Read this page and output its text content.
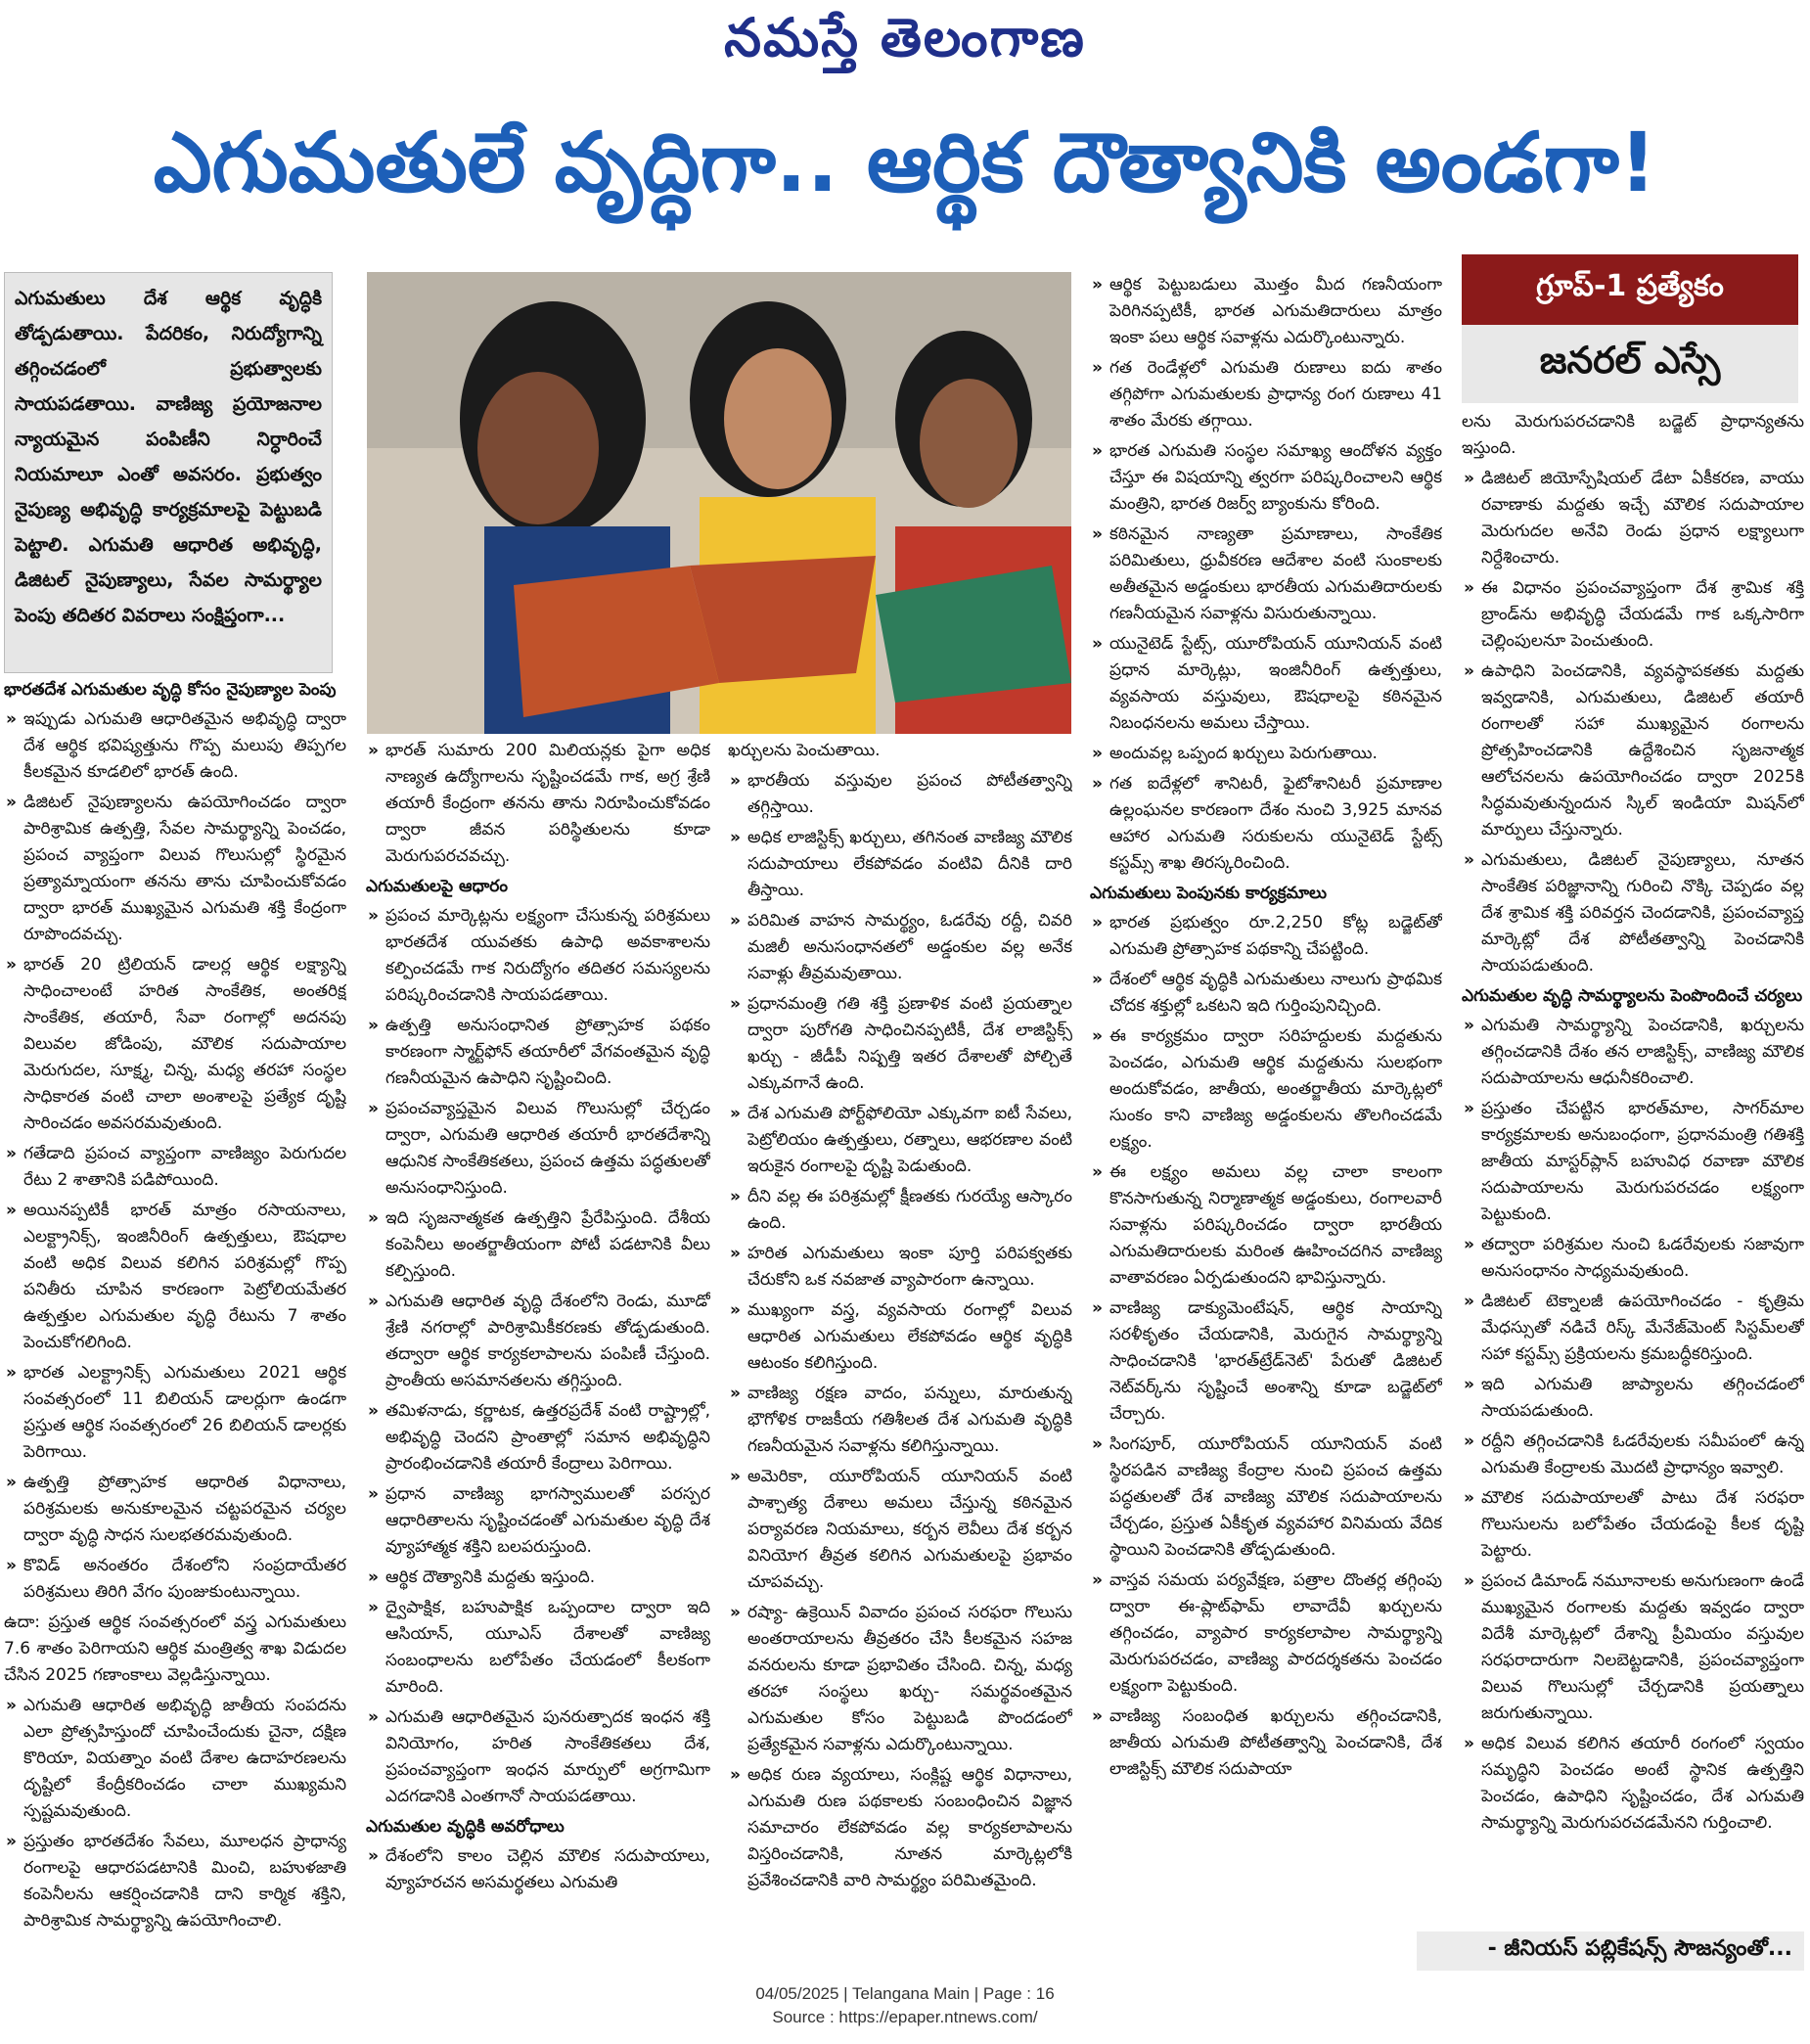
నమస్తే తెలంగాణ
ఎగుమతులే వృద్ధిగా.. ఆర్థిక దౌత్యానికి అండగా!
ఎగుమతులు దేశ ఆర్థిక వృద్ధికి తోడ్పడుతాయి. పేదరికం, నిరుద్యోగాన్ని తగ్గించడంలో ప్రభుత్వాలకు సాయపడతాయి. వాణిజ్య ప్రయోజనాల న్యాయమైన పంపిణీని నిర్ధారించే నియమాలూ ఎంతో అవసరం. ప్రభుత్వం నైపుణ్య అభివృద్ధి కార్యక్రమాలపై పెట్టుబడి పెట్టాలి. ఎగుమతి ఆధారిత అభివృద్ధి, డిజిటల్ నైపుణ్యాలు, సేవల సామర్థ్యాల పెంపు తదితర వివరాలు సంక్షిప్తంగా...
గ్రూప్-1 ప్రత్యేకం
జనరల్ ఎస్సే
భారతదేశ ఎగుమతుల వృద్ధి కోసం నైపుణ్యాల పెంపు

» ఇప్పుడు ఎగుమతి ఆధారితమైన అభివృద్ధి ద్వారా దేశ ఆర్థిక భవిష్యత్తును గొప్ప మలుపు తిప్పగల కీలకమైన కూడలిలో భారత్ ఉంది.

» డిజిటల్ నైపుణ్యాలను ఉపయోగించడం ద్వారా పారిశ్రామిక ఉత్పత్తి, సేవల సామర్థ్యాన్ని పెంచడం, ప్రపంచ వ్యాప్తంగా విలువ గొలుసుల్లో స్థిరమైన ప్రత్యామ్నాయంగా తనను తాను చూపించుకోవడం ద్వారా భారత్ ముఖ్యమైన ఎగుమతి శక్తి కేంద్రంగా రూపొందవచ్చు.

» భారత్ 20 ట్రిలియన్ డాలర్ల ఆర్థిక లక్ష్యాన్ని సాధించాలంటే హరిత సాంకేతిక, అంతరిక్ష సాంకేతిక, తయారీ, సేవా రంగాల్లో అదనపు విలువల జోడింపు, మౌలిక సదుపాయాల మెరుగుదల, సూక్ష్మ, చిన్న, మధ్య తరహా సంస్థల సాధికారత వంటి చాలా అంశాలపై ప్రత్యేక దృష్టి సారించడం అవసరమవుతుంది.

» గతేడాది ప్రపంచ వ్యాప్తంగా వాణిజ్యం పెరుగుదల రేటు 2 శాతానికి పడిపోయింది.

» అయినప్పటికీ భారత్ మాత్రం రసాయనాలు, ఎలక్ట్రానిక్స్, ఇంజినీరింగ్ ఉత్పత్తులు, ఔషధాల వంటి అధిక విలువ కలిగిన పరిశ్రమల్లో గొప్ప పనితీరు చూపిన కారణంగా పెట్రోలియమేతర ఉత్పత్తుల ఎగుమతుల వృద్ధి రేటును 7 శాతం పెంచుకోగలిగింది.

» భారత ఎలక్ట్రానిక్స్ ఎగుమతులు 2021 ఆర్థిక సంవత్సరంలో 11 బిలియన్ డాలర్లుగా ఉండగా ప్రస్తుత ఆర్థిక సంవత్సరంలో 26 బిలియన్ డాలర్లకు పెరిగాయి.

» ఉత్పత్తి ప్రోత్సాహక ఆధారిత విధానాలు, పరిశ్రమలకు అనుకూలమైన చట్టపరమైన చర్యల ద్వారా వృద్ధి సాధన సులభతరమవుతుంది.

» కొవిడ్ అనంతరం దేశంలోని సంప్రదాయేతర పరిశ్రమలు తిరిగి వేగం పుంజుకుంటున్నాయి.

ఉదా: ప్రస్తుత ఆర్థిక సంవత్సరంలో వస్త్ర ఎగుమతులు 7.6 శాతం పెరిగాయని ఆర్థిక మంత్రిత్వ శాఖ విడుదల చేసిన 2025 గణాంకాలు వెల్లడిస్తున్నాయి.

» ఎగుమతి ఆధారిత అభివృద్ధి జాతీయ సంపదను ఎలా ప్రోత్సహిస్తుందో చూపించేందుకు చైనా, దక్షిణ కొరియా, వియత్నాం వంటి దేశాల ఉదాహరణలను దృష్టిలో కేంద్రీకరించడం చాలా ముఖ్యమని స్పష్టమవుతుంది.

» ప్రస్తుతం భారతదేశం సేవలు, మూలధన ప్రాధాన్య రంగాలపై ఆధారపడటానికి మించి, బహుళజాతి కంపెనీలను ఆకర్షించడానికి దాని కార్మిక శక్తిని, పారిశ్రామిక సామర్థ్యాన్ని ఉపయోగించాలి.

» భారత్ సుమారు 200 మిలియన్లకు పైగా అధిక నాణ్యత ఉద్యోగాలను సృష్టించడమే గాక, అగ్ర శ్రేణి తయారీ కేంద్రంగా తనను తాను నిరూపించుకోవడం ద్వారా జీవన పరిస్థితులను కూడా మెరుగుపరచవచ్చు.

ఎగుమతులపై ఆధారం

» ప్రపంచ మార్కెట్లను లక్ష్యంగా చేసుకున్న పరిశ్రమలు భారతదేశ యువతకు ఉపాధి అవకాశాలను కల్పించడమే గాక నిరుద్యోగం తదితర సమస్యలను పరిష్కరించడానికి సాయపడతాయి.

» ఉత్పత్తి అనుసంధానిత ప్రోత్సాహక పథకం కారణంగా స్మార్ట్‌ఫోన్ తయారీలో వేగవంతమైన వృద్ధి గణనీయమైన ఉపాధిని సృష్టించింది.

» ప్రపంచవ్యాప్తమైన విలువ గొలుసుల్లో చేర్చడం ద్వారా, ఎగుమతి ఆధారిత తయారీ భారతదేశాన్ని ఆధునిక సాంకేతికతలు, ప్రపంచ ఉత్తమ పద్ధతులతో అనుసంధానిస్తుంది.

» ఇది సృజనాత్మకత ఉత్పత్తిని ప్రేరేపిస్తుంది. దేశీయ కంపెనీలు అంతర్జాతీయంగా పోటీ పడటానికి వీలు కల్పిస్తుంది.

» ఎగుమతి ఆధారిత వృద్ధి దేశంలోని రెండు, మూడో శ్రేణి నగరాల్లో పారిశ్రామికీకరణకు తోడ్పడుతుంది. తద్వారా ఆర్థిక కార్యకలాపాలను పంపిణీ చేస్తుంది. ప్రాంతీయ అసమానతలను తగ్గిస్తుంది.

» తమిళనాడు, కర్ణాటక, ఉత్తరప్రదేశ్ వంటి రాష్ట్రాల్లో, అభివృద్ధి చెందని ప్రాంతాల్లో సమాన అభివృద్ధిని ప్రారంభించడానికి తయారీ కేంద్రాలు పెరిగాయి.

» ప్రధాన వాణిజ్య భాగస్వాములతో పరస్పర ఆధారితాలను సృష్టించడంతో ఎగుమతుల వృద్ధి దేశ వ్యూహాత్మక శక్తిని బలపరుస్తుంది.

» ఆర్థిక దౌత్యానికి మద్దతు ఇస్తుంది.

» ద్వైపాక్షిక, బహుపాక్షిక ఒప్పందాల ద్వారా ఇది ఆసియాన్, యూఎస్ దేశాలతో వాణిజ్య సంబంధాలను బలోపేతం చేయడంలో కీలకంగా మారింది.

» ఎగుమతి ఆధారితమైన పునరుత్పాదక ఇంధన శక్తి వినియోగం, హరిత సాంకేతికతలు దేశ, ప్రపంచవ్యాప్తంగా ఇంధన మార్పులో అగ్రగామిగా ఎదగడానికి ఎంతగానో సాయపడతాయి.

ఎగుమతుల వృద్ధికి అవరోధాలు

» దేశంలోని కాలం చెల్లిన మౌలిక సదుపాయాలు, వ్యూహరచన అసమర్థతలు ఎగుమతి

ఖర్చులను పెంచుతాయి.

» భారతీయ వస్తువుల ప్రపంచ పోటీతత్వాన్ని తగ్గిస్తాయి.

» అధిక లాజిస్టిక్స్ ఖర్చులు, తగినంత వాణిజ్య మౌలిక సదుపాయాలు లేకపోవడం వంటివి దీనికి దారి తీస్తాయి.

» పరిమిత వాహన సామర్థ్యం, ఓడరేవు రద్దీ, చివరి మజిలీ అనుసంధానతలో అడ్డంకుల వల్ల అనేక సవాళ్లు తీవ్రమవుతాయి.

» ప్రధానమంత్రి గతి శక్తి ప్రణాళిక వంటి ప్రయత్నాల ద్వారా పురోగతి సాధించినప్పటికీ, దేశ లాజిస్టిక్స్ ఖర్చు - జీడీపీ నిష్పత్తి ఇతర దేశాలతో పోల్చితే ఎక్కువగానే ఉంది.

» దేశ ఎగుమతి పోర్ట్‌ఫోలియో ఎక్కువగా ఐటీ సేవలు, పెట్రోలియం ఉత్పత్తులు, రత్నాలు, ఆభరణాల వంటి ఇరుకైన రంగాలపై దృష్టి పెడుతుంది.

» దీని వల్ల ఈ పరిశ్రమల్లో క్షీణతకు గురయ్యే ఆస్కారం ఉంది.

» హరిత ఎగుమతులు ఇంకా పూర్తి పరిపక్వతకు చేరుకోని ఒక నవజాత వ్యాపారంగా ఉన్నాయి.

» ముఖ్యంగా వస్త్ర, వ్యవసాయ రంగాల్లో విలువ ఆధారిత ఎగుమతులు లేకపోవడం ఆర్థిక వృద్ధికి ఆటంకం కలిగిస్తుంది.

» వాణిజ్య రక్షణ వాదం, పన్నులు, మారుతున్న భౌగోళిక రాజకీయ గతిశీలత దేశ ఎగుమతి వృద్ధికి గణనీయమైన సవాళ్లను కలిగిస్తున్నాయి.

» అమెరికా, యూరోపియన్ యూనియన్ వంటి పాశ్చాత్య దేశాలు అమలు చేస్తున్న కఠినమైన పర్యావరణ నియమాలు, కర్బన లెవీలు దేశ కర్బన వినియోగ తీవ్రత కలిగిన ఎగుమతులపై ప్రభావం చూపవచ్చు.

» రష్యా- ఉక్రెయిన్ వివాదం ప్రపంచ సరఫరా గొలుసు అంతరాయాలను తీవ్రతరం చేసి కీలకమైన సహజ వనరులను కూడా ప్రభావితం చేసింది. చిన్న, మధ్య తరహా సంస్థలు ఖర్చు- సమర్థవంతమైన ఎగుమతుల కోసం పెట్టుబడి పొందడంలో ప్రత్యేకమైన సవాళ్లను ఎదుర్కొంటున్నాయి.

» అధిక రుణ వ్యయాలు, సంక్లిష్ట ఆర్థిక విధానాలు, ఎగుమతి రుణ పథకాలకు సంబంధించిన విజ్ఞాన సమాచారం లేకపోవడం వల్ల కార్యకలాపాలను విస్తరించడానికి, నూతన మార్కెట్లలోకి ప్రవేశించడానికి వారి సామర్థ్యం పరిమితమైంది.

» ఆర్థిక పెట్టుబడులు మొత్తం మీద గణనీయంగా పెరిగినప్పటికీ, భారత ఎగుమతిదారులు మాత్రం ఇంకా పలు ఆర్థిక సవాళ్లను ఎదుర్కొంటున్నారు.

» గత రెండేళ్లలో ఎగుమతి రుణాలు ఐదు శాతం తగ్గిపోగా ఎగుమతులకు ప్రాధాన్య రంగ రుణాలు 41 శాతం మేరకు తగ్గాయి.

» భారత ఎగుమతి సంస్థల సమాఖ్య ఆందోళన వ్యక్తం చేస్తూ ఈ విషయాన్ని త్వరగా పరిష్కరించాలని ఆర్థిక మంత్రిని, భారత రిజర్వ్ బ్యాంకును కోరింది.

» కఠినమైన నాణ్యతా ప్రమాణాలు, సాంకేతిక పరిమితులు, ధ్రువీకరణ ఆదేశాల వంటి సుంకాలకు అతీతమైన అడ్డంకులు భారతీయ ఎగుమతిదారులకు గణనీయమైన సవాళ్లను విసురుతున్నాయి.

» యునైటెడ్ స్టేట్స్, యూరోపియన్ యూనియన్ వంటి ప్రధాన మార్కెట్లు, ఇంజినీరింగ్ ఉత్పత్తులు, వ్యవసాయ వస్తువులు, ఔషధాలపై కఠినమైన నిబంధనలను అమలు చేస్తాయి.

» అందువల్ల ఒప్పంద ఖర్చులు పెరుగుతాయి.

» గత ఐదేళ్లలో శానిటరీ, ఫైటోశానిటరీ ప్రమాణాల ఉల్లంఘనల కారణంగా దేశం నుంచి 3,925 మానవ ఆహార ఎగుమతి సరుకులను యునైటెడ్ స్టేట్స్ కస్టమ్స్ శాఖ తిరస్కరించింది.

ఎగుమతులు పెంపునకు కార్యక్రమాలు

» భారత ప్రభుత్వం రూ.2,250 కోట్ల బడ్జెట్‌తో ఎగుమతి ప్రోత్సాహక పథకాన్ని చేపట్టింది.

» దేశంలో ఆర్థిక వృద్ధికి ఎగుమతులు నాలుగు ప్రాథమిక చోదక శక్తుల్లో ఒకటని ఇది గుర్తింపునిచ్చింది.

» ఈ కార్యక్రమం ద్వారా సరిహద్దులకు మద్దతును పెంచడం, ఎగుమతి ఆర్థిక మద్దతును సులభంగా అందుకోవడం, జాతీయ, అంతర్జాతీయ మార్కెట్లలో సుంకం కాని వాణిజ్య అడ్డంకులను తొలగించడమే లక్ష్యం.

» ఈ లక్ష్యం అమలు వల్ల చాలా కాలంగా కొనసాగుతున్న నిర్మాణాత్మక అడ్డంకులు, రంగాలవారీ సవాళ్లను పరిష్కరించడం ద్వారా భారతీయ ఎగుమతిదారులకు మరింత ఊహించదగిన వాణిజ్య వాతావరణం ఏర్పడుతుందని భావిస్తున్నారు.

» వాణిజ్య డాక్యుమెంటేషన్, ఆర్థిక సాయాన్ని సరళీకృతం చేయడానికి, మెరుగైన సామర్థ్యాన్ని సాధించడానికి 'భారత్‌ట్రేడ్‌నెట్' పేరుతో డిజిటల్ నెట్‌వర్క్‌ను సృష్టించే అంశాన్ని కూడా బడ్జెట్‌లో చేర్చారు.

» సింగపూర్, యూరోపియన్ యూనియన్ వంటి స్థిరపడిన వాణిజ్య కేంద్రాల నుంచి ప్రపంచ ఉత్తమ పద్ధతులతో దేశ వాణిజ్య మౌలిక సదుపాయాలను చేర్చడం, ప్రస్తుత ఏకీకృత వ్యవహార వినిమయ వేదిక స్థాయిని పెంచడానికి తోడ్పడుతుంది.

» వాస్తవ సమయ పర్యవేక్షణ, పత్రాల దొంతర్ల తగ్గింపు ద్వారా ఈ-ప్లాట్‌ఫామ్ లావాదేవీ ఖర్చులను తగ్గించడం, వ్యాపార కార్యకలాపాల సామర్థ్యాన్ని మెరుగుపరచడం, వాణిజ్య పారదర్శకతను పెంచడం లక్ష్యంగా పెట్టుకుంది.

» వాణిజ్య సంబంధిత ఖర్చులను తగ్గించడానికి, జాతీయ ఎగుమతి పోటీతత్వాన్ని పెంచడానికి, దేశ లాజిస్టిక్స్ మౌలిక సదుపాయా

లను మెరుగుపరచడానికి బడ్జెట్ ప్రాధాన్యతను ఇస్తుంది.

» డిజిటల్ జియోస్పేషియల్ డేటా ఏకీకరణ, వాయు రవాణాకు మద్దతు ఇచ్చే మౌలిక సదుపాయాల మెరుగుదల అనేవి రెండు ప్రధాన లక్ష్యాలుగా నిర్దేశించారు.

» ఈ విధానం ప్రపంచవ్యాప్తంగా దేశ శ్రామిక శక్తి బ్రాండ్‌ను అభివృద్ధి చేయడమే గాక ఒక్కసారిగా చెల్లింపులనూ పెంచుతుంది.

» ఉపాధిని పెంచడానికి, వ్యవస్థాపకతకు మద్దతు ఇవ్వడానికి, ఎగుమతులు, డిజిటల్ తయారీ రంగాలతో సహా ముఖ్యమైన రంగాలను ప్రోత్సహించడానికి ఉద్దేశించిన సృజనాత్మక ఆలోచనలను ఉపయోగించడం ద్వారా 2025కి సిద్ధమవుతున్నందున స్కిల్ ఇండియా మిషన్‌లో మార్పులు చేస్తున్నారు.

» ఎగుమతులు, డిజిటల్ నైపుణ్యాలు, నూతన సాంకేతిక పరిజ్ఞానాన్ని గురించి నొక్కి చెప్పడం వల్ల దేశ శ్రామిక శక్తి పరివర్తన చెందడానికి, ప్రపంచవ్యాప్త మార్కెట్లో దేశ పోటీతత్వాన్ని పెంచడానికి సాయపడుతుంది.

ఎగుమతుల వృద్ధి సామర్థ్యాలను పెంపొందించే చర్యలు

» ఎగుమతి సామర్థ్యాన్ని పెంచడానికి, ఖర్చులను తగ్గించడానికి దేశం తన లాజిస్టిక్స్, వాణిజ్య మౌలిక సదుపాయాలను ఆధునీకరించాలి.

» ప్రస్తుతం చేపట్టిన భారత్‌మాల, సాగర్‌మాల కార్యక్రమాలకు అనుబంధంగా, ప్రధానమంత్రి గతిశక్తి జాతీయ మాస్టర్‌ప్లాన్ బహువిధ రవాణా మౌలిక సదుపాయాలను మెరుగుపరచడం లక్ష్యంగా పెట్టుకుంది.

» తద్వారా పరిశ్రమల నుంచి ఓడరేవులకు సజావుగా అనుసంధానం సాధ్యమవుతుంది.

» డిజిటల్ టెక్నాలజీ ఉపయోగించడం - కృత్రిమ మేధస్సుతో నడిచే రిస్క్ మేనేజ్‌మెంట్ సిస్టమ్‌లతో సహా కస్టమ్స్ ప్రక్రియలను క్రమబద్ధీకరిస్తుంది.

» ఇది ఎగుమతి జాప్యాలను తగ్గించడంలో సాయపడుతుంది.

» రద్దీని తగ్గించడానికి ఓడరేవులకు సమీపంలో ఉన్న ఎగుమతి కేంద్రాలకు మొదటి ప్రాధాన్యం ఇవ్వాలి.

» మౌలిక సదుపాయాలతో పాటు దేశ సరఫరా గొలుసులను బలోపేతం చేయడంపై కీలక దృష్టి పెట్టారు.

» ప్రపంచ డిమాండ్ నమూనాలకు అనుగుణంగా ఉండే ముఖ్యమైన రంగాలకు మద్దతు ఇవ్వడం ద్వారా విదేశీ మార్కెట్లలో దేశాన్ని ప్రీమియం వస్తువుల సరఫరాదారుగా నిలబెట్టడానికి, ప్రపంచవ్యాప్తంగా విలువ గొలుసుల్లో చేర్చడానికి ప్రయత్నాలు జరుగుతున్నాయి.

» అధిక విలువ కలిగిన తయారీ రంగంలో స్వయం సమృద్ధిని పెంచడం అంటే స్థానిక ఉత్పత్తిని పెంచడం, ఉపాధిని సృష్టించడం, దేశ ఎగుమతి సామర్థ్యాన్ని మెరుగుపరచడమేనని గుర్తించాలి.

- జీనియస్ పబ్లికేషన్స్ సౌజన్యంతో...
04/05/2025 | Telangana Main | Page : 16
Source : https://epaper.ntnews.com/
